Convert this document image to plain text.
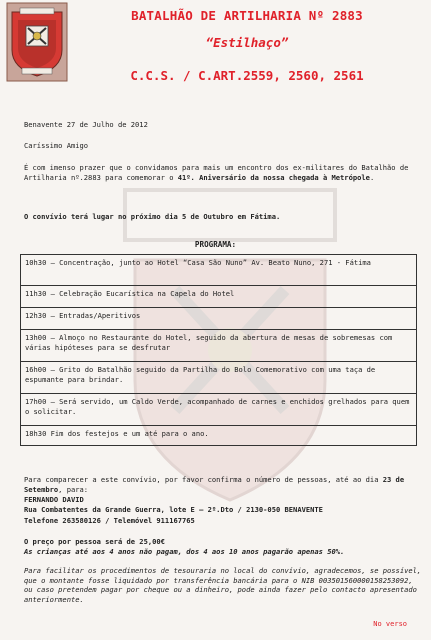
BATALHÃO DE ARTILHARIA Nº 2883
“Estilhaço”
C.C.S. / C.ART.2559, 2560, 2561
Benavente 27 de Julho de 2012
Caríssimo Amigo
É com imenso prazer que o convidamos para mais um encontro dos ex-militares do Batalhão de Artilharia nº.2883 para comemorar o 41º. Aniversário da nossa chegada à Metrópole.
O convívio terá lugar no próximo dia 5 de Outubro em Fátima.
PROGRAMA:
10h30 – Concentração, junto ao Hotel “Casa São Nuno” Av. Beato Nuno, 271 - Fátima
11h30 – Celebração Eucarística na Capela do Hotel
12h30 – Entradas/Aperitivos
13h00 – Almoço no Restaurante do Hotel, seguido da abertura de mesas de sobremesas com várias hipóteses para se desfrutar
16h00 – Grito do Batalhão seguido da Partilha do Bolo Comemorativo com uma taça de espumante para brindar.
17h00 – Será servido, um Caldo Verde, acompanhado de carnes e enchidos grelhados para quem o solicitar.
18h30 Fim dos festejos e um até para o ano.
Para comparecer a este convívio, por favor confirma o número de pessoas, até ao dia 23 de Setembro, para:
FERNANDO DAVID
Rua Combatentes da Grande Guerra, lote E – 2º.Dto / 2130-050 BENAVENTE
Telefone 263580126 / Telemóvel 911167765
O preço por pessoa será de 25,00€
As crianças até aos 4 anos não pagam, dos 4 aos 10 anos pagarão apenas 50%.
Para facilitar os procedimentos de tesouraria no local do convívio, agradecemos, se possível, que o montante fosse liquidado por transferência bancária para o NIB 003501560000158253092, ou caso pretendem pagar por cheque ou a dinheiro, pode ainda fazer pelo contacto apresentado anteriormente.
No verso
